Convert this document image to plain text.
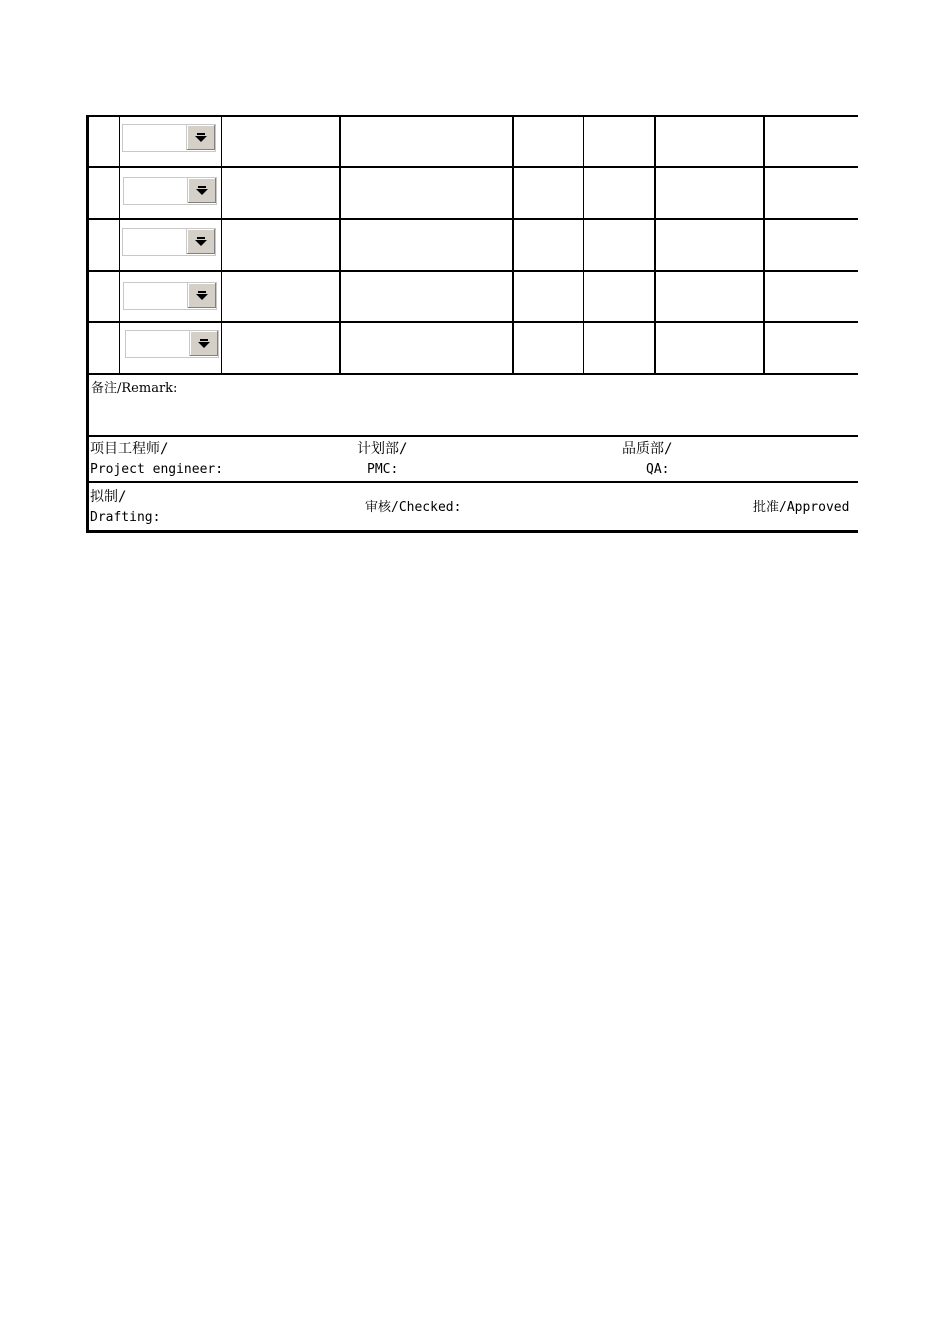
备注/Remark:
项目工程师/
Project engineer:
计划部/
PMC:
品质部/
QA:
拟制/
Drafting:
审核/Checked:	批准/Approved
